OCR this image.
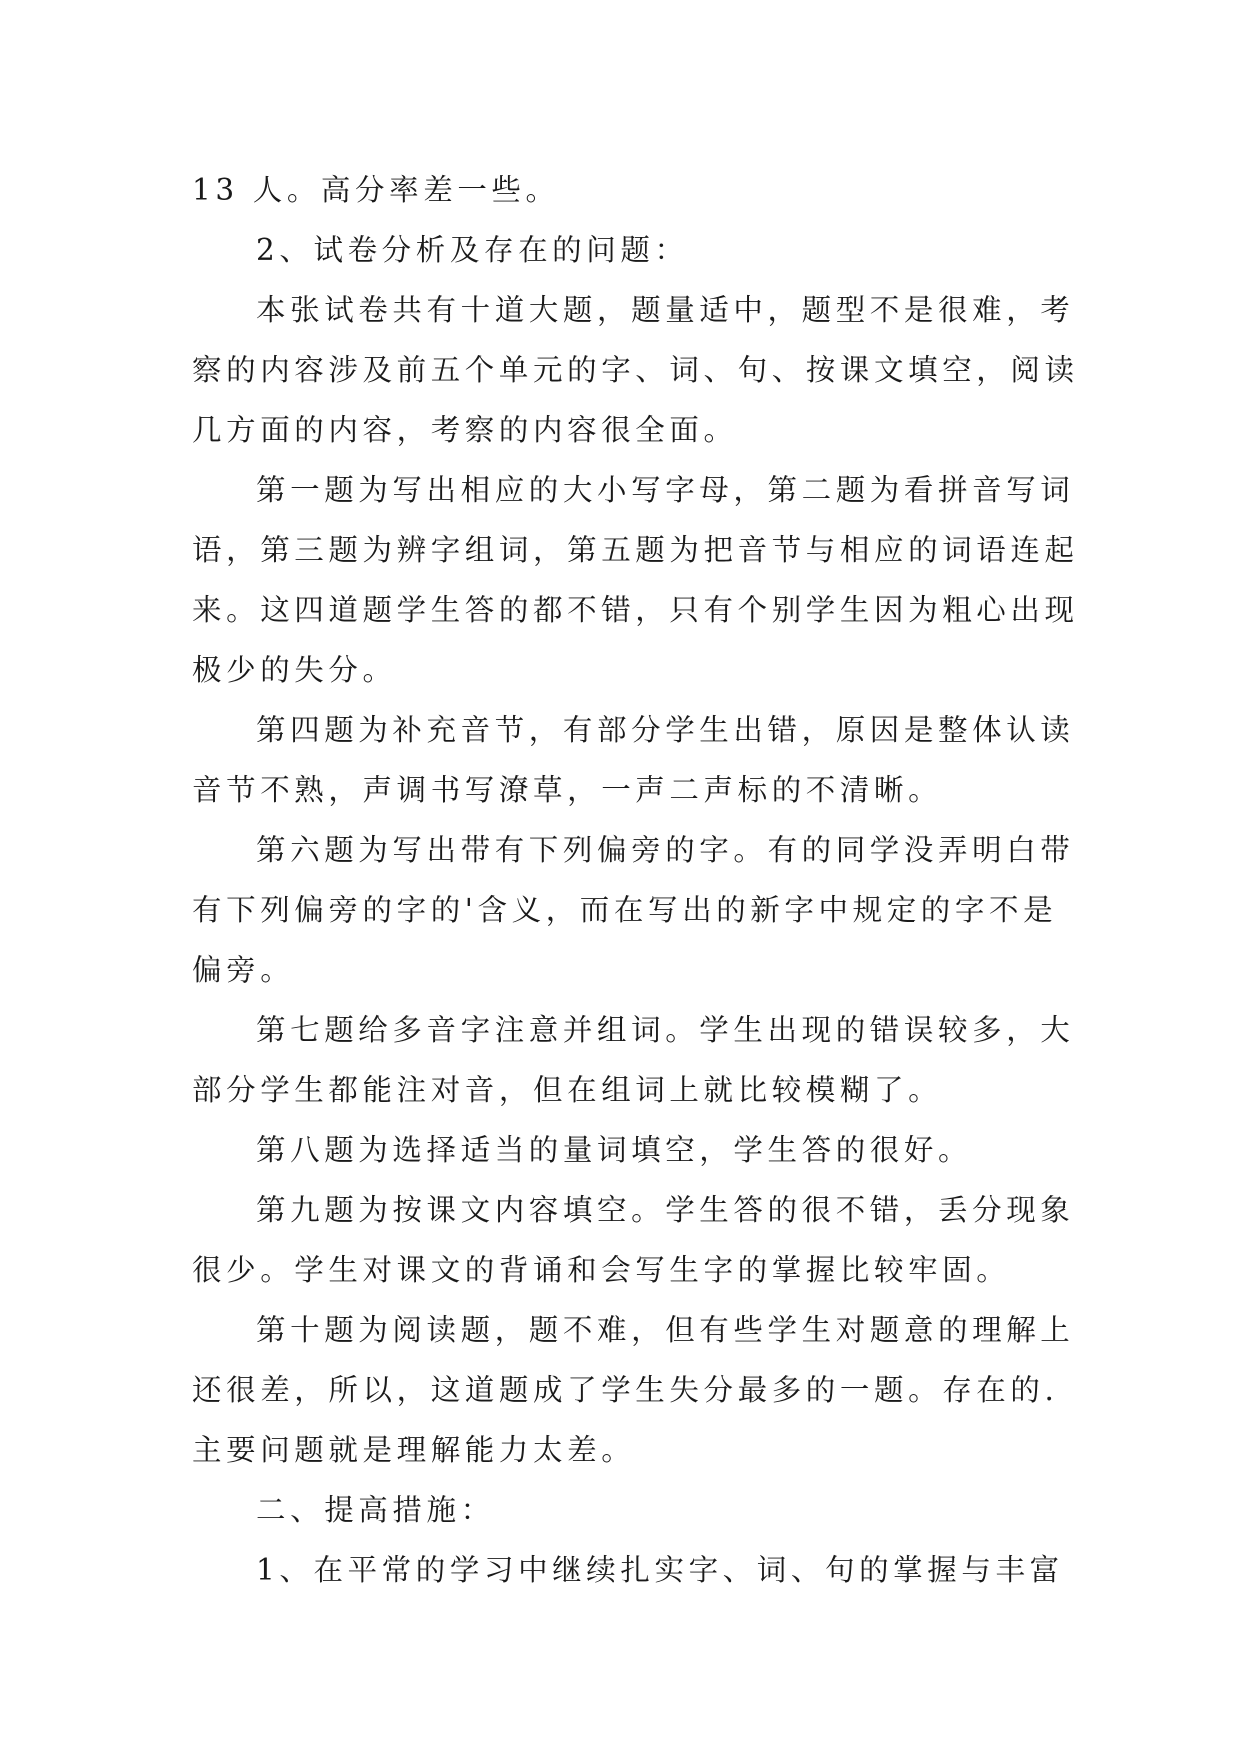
13 人。高分率差一些。
2、试卷分析及存在的问题：
本张试卷共有十道大题，题量适中，题型不是很难，考
察的内容涉及前五个单元的字、词、句、按课文填空，阅读
几方面的内容，考察的内容很全面。
第一题为写出相应的大小写字母，第二题为看拼音写词
语，第三题为辨字组词，第五题为把音节与相应的词语连起
来。这四道题学生答的都不错，只有个别学生因为粗心出现
极少的失分。
第四题为补充音节，有部分学生出错，原因是整体认读
音节不熟，声调书写潦草，一声二声标的不清晰。
第六题为写出带有下列偏旁的字。有的同学没弄明白带
有下列偏旁的字的'含义，而在写出的新字中规定的字不是
偏旁。
第七题给多音字注意并组词。学生出现的错误较多，大
部分学生都能注对音，但在组词上就比较模糊了。
第八题为选择适当的量词填空，学生答的很好。
第九题为按课文内容填空。学生答的很不错，丢分现象
很少。学生对课文的背诵和会写生字的掌握比较牢固。
第十题为阅读题，题不难，但有些学生对题意的理解上
还很差，所以，这道题成了学生失分最多的一题。存在的.
主要问题就是理解能力太差。
二、提高措施：
1、在平常的学习中继续扎实字、词、句的掌握与丰富
